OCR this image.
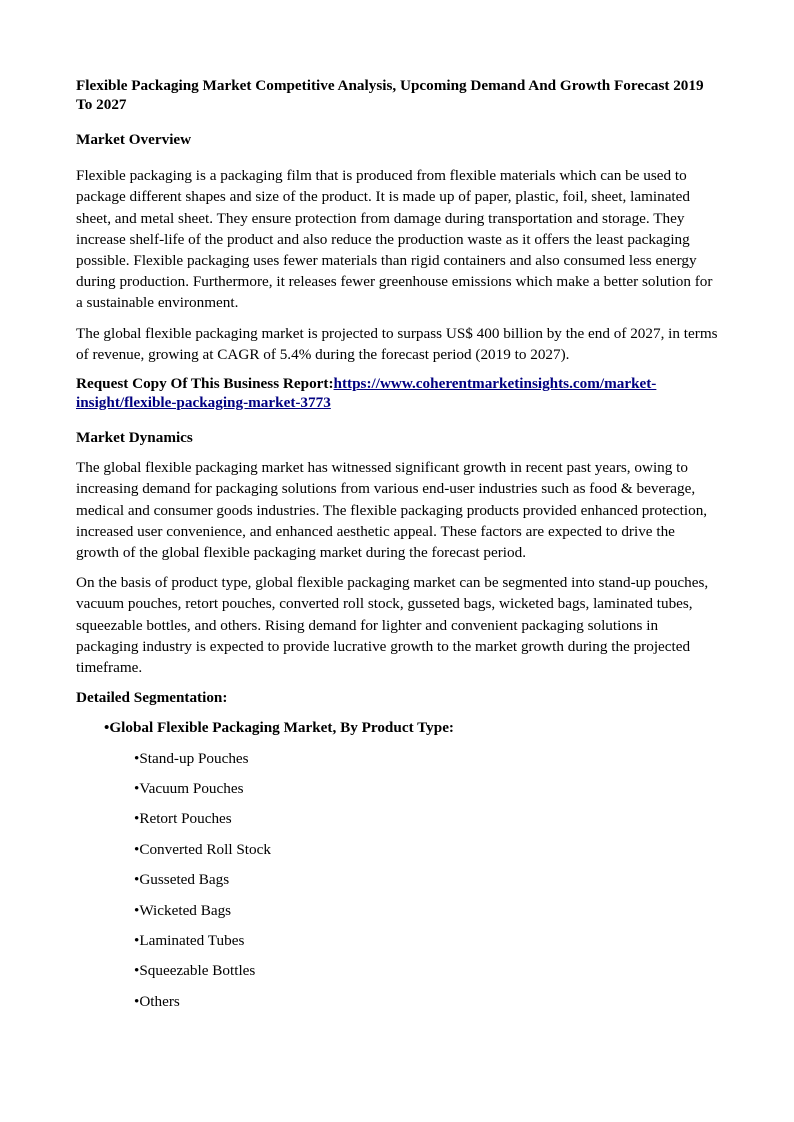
Flexible Packaging Market Competitive Analysis, Upcoming Demand And Growth Forecast 2019 To 2027
Market Overview

Flexible packaging is a packaging film that is produced from flexible materials which can be used to package different shapes and size of the product. It is made up of paper, plastic, foil, sheet, laminated sheet, and metal sheet. They ensure protection from damage during transportation and storage. They increase shelf-life of the product and also reduce the production waste as it offers the least packaging possible. Flexible packaging uses fewer materials than rigid containers and also consumed less energy during production. Furthermore, it releases fewer greenhouse emissions which make a better solution for a sustainable environment.

The global flexible packaging market is projected to surpass US$ 400 billion by the end of 2027, in terms of revenue, growing at CAGR of 5.4% during the forecast period (2019 to 2027).

Request Copy Of This Business Report:https://www.coherentmarketinsights.com/market-insight/flexible-packaging-market-3773
Market Dynamics

The global flexible packaging market has witnessed significant growth in recent past years, owing to increasing demand for packaging solutions from various end-user industries such as food & beverage, medical and consumer goods industries. The flexible packaging products provided enhanced protection, increased user convenience, and enhanced aesthetic appeal. These factors are expected to drive the growth of the global flexible packaging market during the forecast period.

On the basis of product type, global flexible packaging market can be segmented into stand-up pouches, vacuum pouches, retort pouches, converted roll stock, gusseted bags, wicketed bags, laminated tubes, squeezable bottles, and others. Rising demand for lighter and convenient packaging solutions in packaging industry is expected to provide lucrative growth to the market growth during the projected timeframe.

Detailed Segmentation:
•Global Flexible Packaging Market, By Product Type:
•Stand-up Pouches
•Vacuum Pouches
•Retort Pouches
•Converted Roll Stock
•Gusseted Bags
•Wicketed Bags
•Laminated Tubes
•Squeezable Bottles
•Others
